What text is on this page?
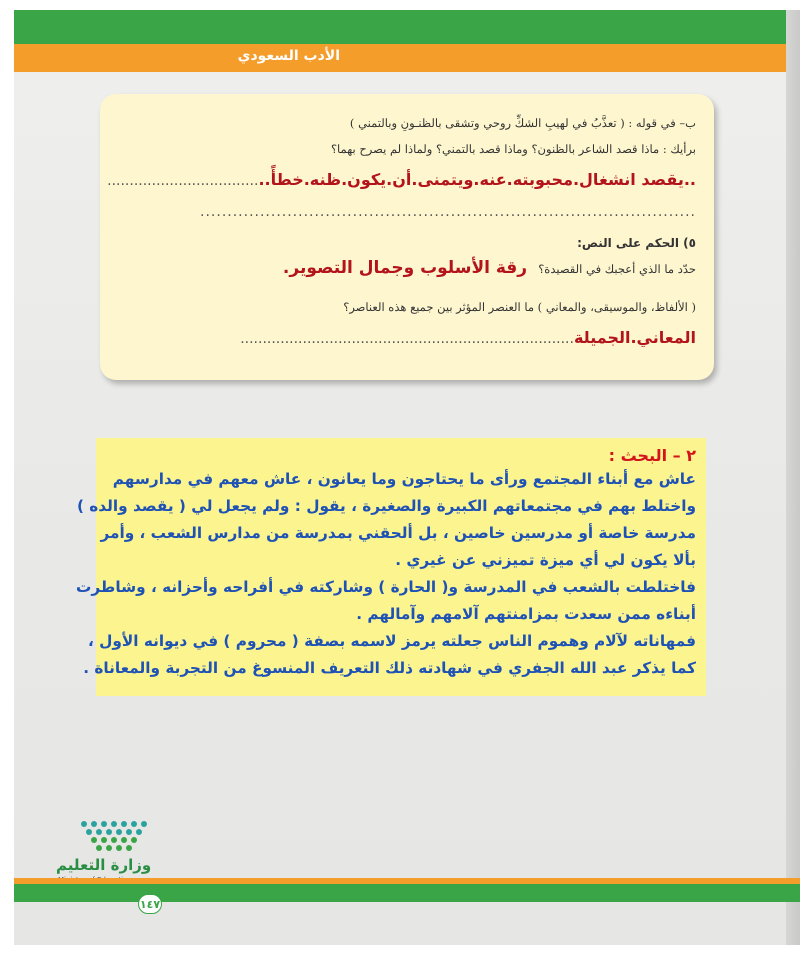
الأدب السعودي
ب– في قوله : ( تعذَّبُ في لهيبِ الشكِّ روحي وتشقى بالظنـونِ وبالتمني )
برأيك : ماذا قصد الشاعر بالظنون؟ وماذا قصد بالتمني؟ ولماذا لم يصرح بهما؟
..يقصد انشغال.محبوبته.عنه.ويتمنى.أن.يكون.ظنه.خطأً....................................
...........................................................................................
٥) الحكم على النص:
حدّد ما الذي أعجبك في القصيدة؟ رقة الأسلوب وجمال التصوير.
( الألفاظ، والموسيقى، والمعاني ) ما العنصر المؤثر بين جميع هذه العناصر؟
المعاني.الجميلة...........................................................................
٢ – البحث :
عاش مع أبناء المجتمع ورأى ما يحتاجون وما يعانون ، عاش معهم في مدارسهم
واختلط بهم في مجتمعاتهم الكبيرة والصغيرة ، يقول : ولم يجعل لي ( يقصد والده )
مدرسة خاصة أو مدرسين خاصين ، بل ألحقني بمدرسة من مدارس الشعب ، وأمر
بألا يكون لي أي ميزة تميزني عن غيري .
فاختلطت بالشعب في المدرسة و( الحارة ) وشاركته في أفراحه وأحزانه ، وشاطرت
أبناءه ممن سعدت بمزامنتهم آلامهم وآمالهم .
فمهاناته لآلام وهموم الناس جعلته يرمز لاسمه بصفة ( محروم ) في ديوانه الأول ،
كما يذكر عبد الله الجفري في شهادته ذلك التعريف المنسوغ من التجربة والمعاناة .
وزارة التعليم
١٤٧
